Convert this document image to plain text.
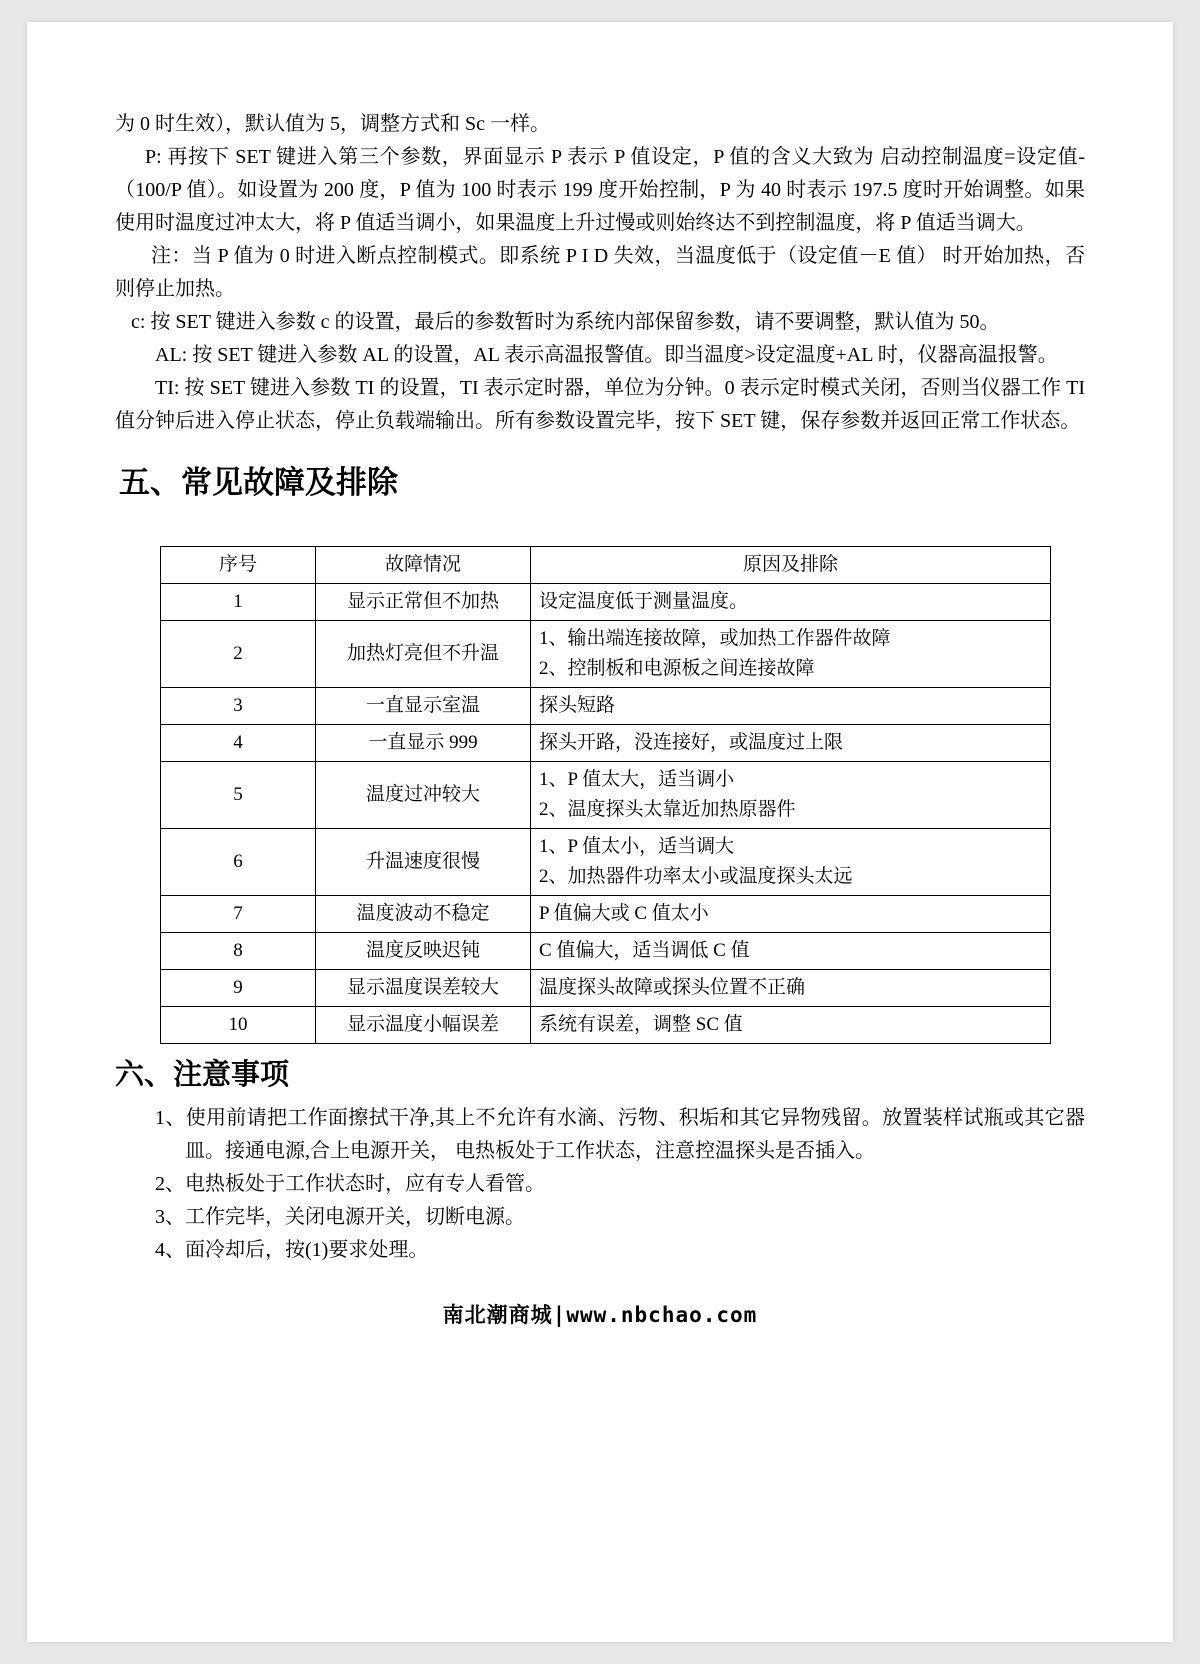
为 0 时生效），默认值为 5，调整方式和 Sc 一样。

P: 再按下 SET 键进入第三个参数，界面显示 P 表示 P 值设定，P 值的含义大致为 启动控制温度=设定值-（100/P 值）。如设置为 200 度，P 值为 100 时表示 199 度开始控制，P 为 40 时表示 197.5 度时开始调整。如果使用时温度过冲太大，将 P 值适当调小，如果温度上升过慢或则始终达不到控制温度，将 P 值适当调大。

注：当 P 值为 0 时进入断点控制模式。即系统 P I D 失效，当温度低于（设定值－E 值） 时开始加热，否则停止加热。

c: 按 SET 键进入参数 c 的设置，最后的参数暂时为系统内部保留参数，请不要调整，默认值为 50。

AL: 按 SET 键进入参数 AL 的设置，AL 表示高温报警值。即当温度>设定温度+AL 时，仪器高温报警。

TI: 按 SET 键进入参数 TI 的设置，TI 表示定时器，单位为分钟。0 表示定时模式关闭，否则当仪器工作 TI 值分钟后进入停止状态，停止负载端输出。所有参数设置完毕，按下 SET 键，保存参数并返回正常工作状态。

五、常见故障及排除
序号	故障情况	原因及排除
1	显示正常但不加热	设定温度低于测量温度。

2	加热灯亮但不升温	1、输出端连接故障，或加热工作器件故障
2、控制板和电源板之间连接故障

3	一直显示室温	探头短路

4	一直显示 999	探头开路，没连接好，或温度过上限

5	温度过冲较大	1、P 值太大，适当调小
2、温度探头太靠近加热原器件

6	升温速度很慢	1、P 值太小，适当调大
2、加热器件功率太小或温度探头太远

7	温度波动不稳定	P 值偏大或 C 值太小

8	温度反映迟钝	C 值偏大，适当调低 C 值

9	显示温度误差较大	温度探头故障或探头位置不正确

10	显示温度小幅误差	系统有误差，调整 SC 值
六、注意事项

1、使用前请把工作面擦拭干净,其上不允许有水滴、污物、积垢和其它异物残留。放置装样试瓶或其它器皿。接通电源,合上电源开关， 电热板处于工作状态，注意控温探头是否插入。

2、电热板处于工作状态时，应有专人看管。

3、工作完毕，关闭电源开关，切断电源。

4、面冷却后，按(1)要求处理。

南北潮商城|www.nbchao.com
